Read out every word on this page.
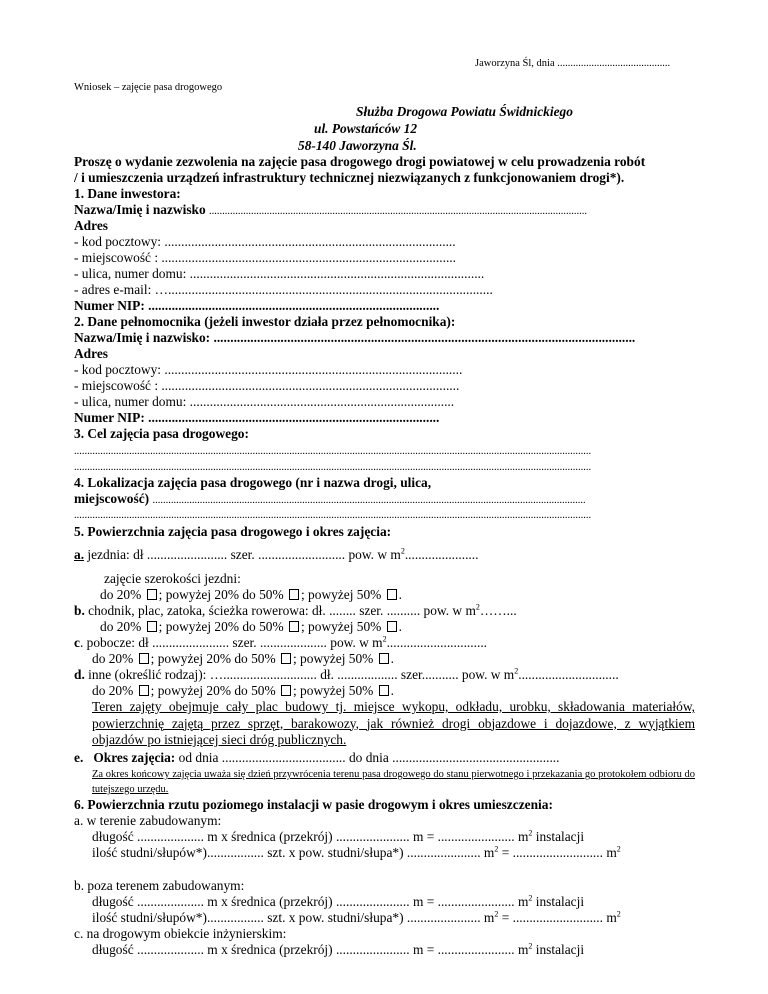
Jaworzyna Śl, dnia ...........................................
Wniosek – zajęcie pasa drogowego
Służba Drogowa Powiatu Świdnickiego
ul. Powstańców 12
58-140 Jaworzyna Śl.
Proszę o wydanie zezwolenia na zajęcie pasa drogowego drogi powiatowej w celu prowadzenia robót
/ i umieszczenia urządzeń infrastruktury technicznej niezwiązanych z funkcjonowaniem drogi*).
1. Dane inwestora:
Nazwa/Imię i nazwisko ................................................................................................................................................
Adres
- kod pocztowy: .......................................................................................
- miejscowość : ........................................................................................
- ulica, numer domu: ........................................................................................
- adres e-mail: ….................................................................................................
Numer NIP: .......................................................................................
2. Dane pełnomocnika (jeżeli inwestor działa przez pełnomocnika):
Nazwa/Imię i nazwisko: ..............................................................................................................................
Adres
- kod pocztowy: .........................................................................................
- miejscowość : .........................................................................................
- ulica, numer domu: ...............................................................................
Numer NIP: .......................................................................................
3. Cel zajęcia pasa drogowego:
.....................................................................................................................................................................................................
.....................................................................................................................................................................................................
4. Lokalizacja zajęcia pasa drogowego (nr i nazwa drogi, ulica,
miejscowość) .....................................................................................................................................................................
.....................................................................................................................................................................................................
5. Powierzchnia zajęcia pasa drogowego i okres zajęcia:
a. jezdnia: dł ........................ szer. .......................... pow. w $m^2$......................
zajęcie szerokości jezdni:
do 20% ; powyżej 20% do 50% ; powyżej 50% .
b. chodnik, plac, zatoka, ścieżka rowerowa: dł. ........ szer. .......... pow. w $m^2\dots\dots$...
do 20% ; powyżej 20% do 50% ; powyżej 50% .
c. pobocze: dł ....................... szer. .................... pow. w $m^2$..............................
do 20% ; powyżej 20% do 50% ; powyżej 50% .
d. inne (określić rodzaj): …............................ dł. .................. szer........... pow. w $m^2$..............................
do 20% ; powyżej 20% do 50% ; powyżej 50% .
Teren zajęty obejmuje cały plac budowy tj. miejsce wykopu, odkładu, urobku, składowania materiałów, powierzchnię zajętą przez sprzęt, barakowozy, jak również drogi objazdowe i dojazdowe, z wyjątkiem objazdów po istniejącej sieci dróg publicznych.
e. Okres zajęcia: od dnia ..................................... do dnia ..................................................
Za okres końcowy zajęcia uważa się dzień przywrócenia terenu pasa drogowego do stanu pierwotnego i przekazania go protokołem odbioru do tutejszego urzędu.
6. Powierzchnia rzutu poziomego instalacji w pasie drogowym i okres umieszczenia:
a. w terenie zabudowanym:
długość .................... m x średnica (przekrój) ...................... m = ....................... $m^2$ instalacji
ilość studni/słupów*)................. szt. x pow. studni/słupa*) ...................... $m^2$ = ........................... $m^2$
b. poza terenem zabudowanym:
długość .................... m x średnica (przekrój) ...................... m = ....................... $m^2$ instalacji
ilość studni/słupów*)................. szt. x pow. studni/słupa*) ...................... $m^2$ = ........................... $m^2$
c. na drogowym obiekcie inżynierskim:
długość .................... m x średnica (przekrój) ...................... m = ....................... $m^2$ instalacji
